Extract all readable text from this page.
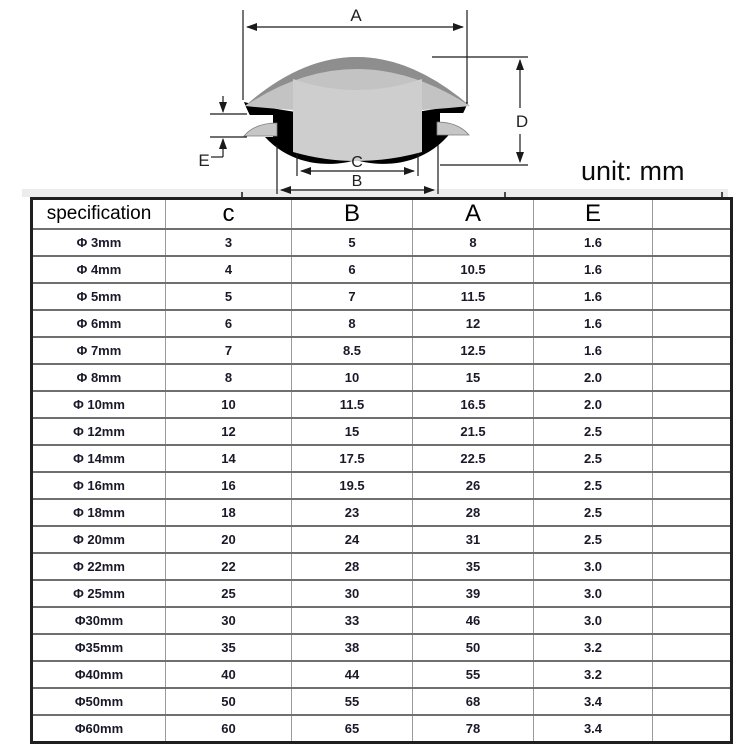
A
D
E	C
B	unit: mm
specification	c	B	A	E	
Φ 3mm	3	5	8	1.6	
Φ 4mm	4	6	10.5	1.6	
Φ 5mm	5	7	11.5	1.6	
Φ 6mm	6	8	12	1.6	
Φ 7mm	7	8.5	12.5	1.6	
Φ 8mm	8	10	15	2.0	
Φ 10mm	10	11.5	16.5	2.0	
Φ 12mm	12	15	21.5	2.5	
Φ 14mm	14	17.5	22.5	2.5	
Φ 16mm	16	19.5	26	2.5	
Φ 18mm	18	23	28	2.5	
Φ 20mm	20	24	31	2.5	
Φ 22mm	22	28	35	3.0	
Φ 25mm	25	30	39	3.0	
Φ30mm	30	33	46	3.0	
Φ35mm	35	38	50	3.2	
Φ40mm	40	44	55	3.2	
Φ50mm	50	55	68	3.4	
Φ60mm	60	65	78	3.4	
